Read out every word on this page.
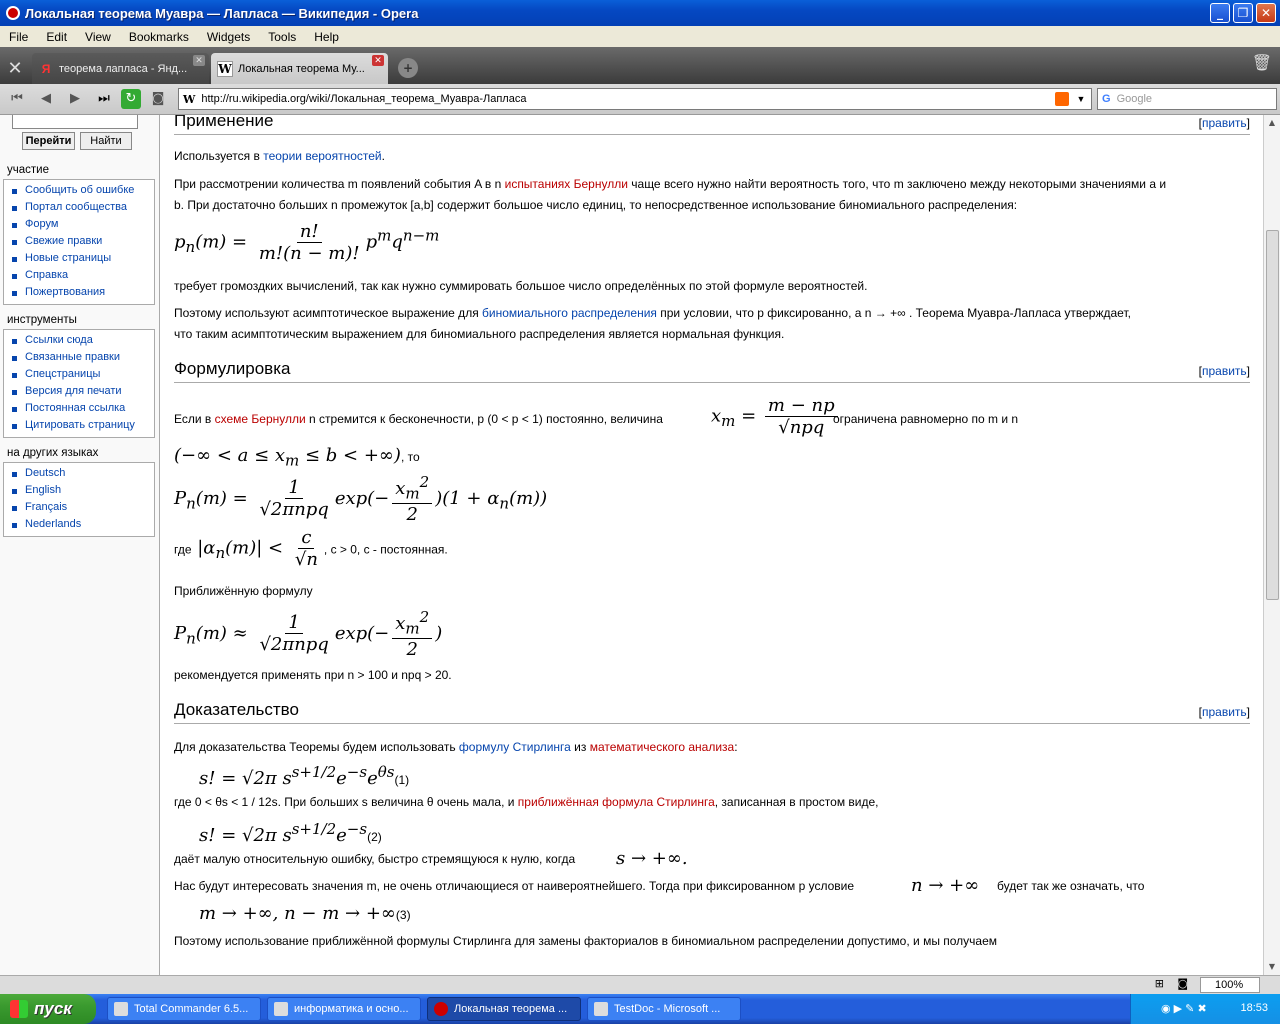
Локальная теорема Муавра — Лапласа — Википедия - Opera	_	❐	✕
File	Edit	View	Bookmarks	Widgets	Tools	Help
✕	Я теорема лапласа - Янд...
✕
W Локальная теорема Му...
✕
+	🗑
⏮	◀	▶	⏭	↻	◙	W http://ru.wikipedia.org/wiki/Локальная_теорема_Муавра-Лапласа	▼	G Google
Перейти	Найти
участие
Сообщить об ошибке
Портал сообщества
Форум
Свежие правки
Новые страницы
Справка
Пожертвования
инструменты
Ссылки сюда
Связанные правки
Спецстраницы
Версия для печати
Постоянная ссылка
Цитировать страницу
на других языках
Deutsch
English
Français
Nederlands
Применение	[править]

Используется в теории вероятностей.

При рассмотрении количества m появлений события A в n испытаниях Бернулли чаще всего нужно найти вероятность того, что m заключено между некоторыми значениями a и

b. При достаточно больших n промежуток [a,b] содержит большое число единиц, то непосредственное использование биномиального распределения:

$p_n(m) = \frac{n!}{m!(n - m)!} p^mq^{n-m}$

требует громоздких вычислений, так как нужно суммировать большое число определённых по этой формуле вероятностей.

Поэтому используют асимптотическое выражение для биномиального распределения при условии, что p фиксированно, а n → +∞ . Теорема Муавра-Лапласа утверждает,

что таким асимптотическим выражением для биномиального распределения является нормальная функция.

Формулировка	[править]

Если в схеме Бернулли n стремится к бесконечности, p (0 < p < 1) постоянно, величина	$x_m = \frac{m - np}{\text{√npq}}$

ограничена равномерно по m и n

(−∞ < $a \le x_m \le b$ < +∞), то
$P_n(m) = \frac{1}{\text{√2πnpq}} \exp(- \frac{x_m^2}{2} )(1 + \alpha_n(m))$
где $|\alpha_n(m)| < \frac{c}{√n}$ , c > 0, c - постоянная.

Приближённую формулу

$P_n(m) \approx \frac{1}{\text{√2πnpq}} \exp(- \frac{x_m^2}{2}$ )

рекомендуется применять при n > 100 и npq > 20.

Доказательство	[править]

Для доказательства Теоремы будем использовать формулу Стирлинга из математического анализа:

s! = √2π $s^{s+1/2}e^{-s}e^{\theta s}(1)$

где 0 < θs < 1 / 12s. При больших s величина θ очень мала, и приближённая формула Стирлинга, записанная в простом виде,

s! = √2π $s^{s+1/2}e^{-s}(2)$

даёт малую относительную ошибку, быстро стремящуюся к нулю, когда s → +∞.

Нас будут интересовать значения m, не очень отличающиеся от наивероятнейшего. Тогда при фиксированном p условие	n → +∞ будет так же означать, что

m → +∞, n − m → +∞(3)

Поэтому использование приближённой формулы Стирлинга для замены факториалов в биномиальном распределении допустимо, и мы получаем

▲
▼
⊞ ◙	100%
пуск	Total Commander 6.5...	информатика и осно...	Локальная теорема ...	TestDoc - Microsoft ...	◉ ▶ ✎ ✖	18:53
